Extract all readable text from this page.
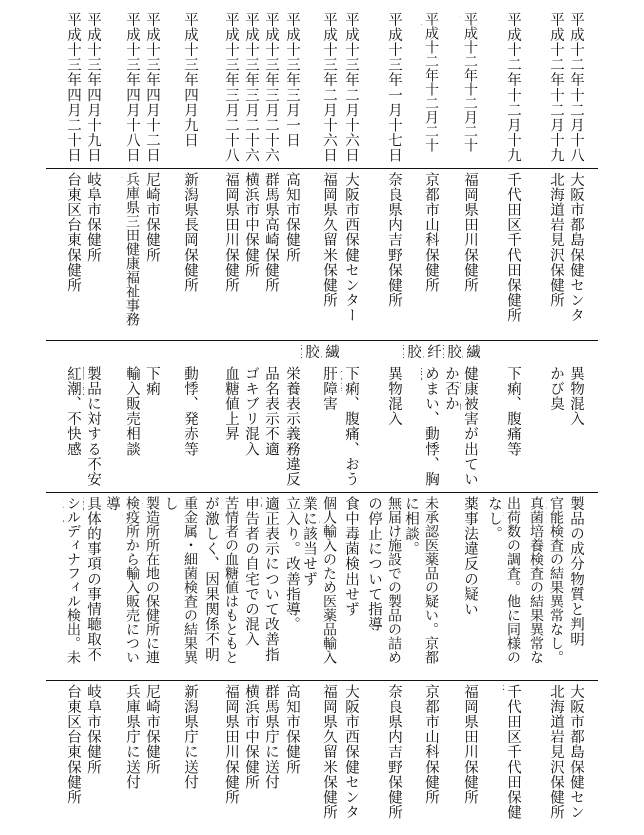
平成十二年十二月十八
大阪市都島保健センタ
異物混入
製品の成分物質と判明
大阪市都島保健セン
平成十二年十二月十九
北海道岩見沢保健所
かび臭
官能検査の結果異常なし。
北海道岩見沢保健所
真菌培養検査の結果異常な
平成十二年十二月十九
千代田区千代田保健所
下痢、腹痛等
出荷数の調査。他に同様の
千代田区千代田保健
なし。
平成十二年十二月二十
福岡県田川保健所
繊
健康被害が出てい
薬事法違反の疑い
福岡県田川保健所
胶
か否か
平成十二年十二月二十
京都市山科保健所
纤
めまい、動悸、胸
未承認医薬品の疑い。京都
京都市山科保健所
胶
に相談。
平成十三年一月十七日
奈良県内吉野保健所
異物混入
無届け施設での製品の詰め
奈良県内吉野保健所
の停止について指導
平成十三年二月十六日
大阪市西保健センター
下痢、腹痛、おう
食中毒菌検出せず
大阪市西保健センタ
平成十三年二月十六日
福岡県久留米保健所
繊
肝障害
個人輸入のため医薬品輸入
福岡県久留米保健所
胶
業に該当せず
平成十三年三月一日
高知市保健所
栄養表示義務違反
立入り。改善指導。
高知市保健所
平成十三年三月二十六
群馬県高崎保健所
品名表示不適
適正表示について改善指
群馬県庁に送付
平成十三年三月二十六
横浜市中保健所
ゴキブリ混入
申告者の自宅での混入
横浜市中保健所
平成十三年三月二十八
福岡県田川保健所
血糖値上昇
苦情者の血糖値はもともと
福岡県田川保健所
が激しく、因果関係不明
平成十三年四月九日
新潟県長岡保健所
動悸、発赤等
重金属・細菌検査の結果異
新潟県庁に送付
し
平成十三年四月十二日
尼崎市保健所
下痢
製造所所在地の保健所に連
尼崎市保健所
平成十三年四月十八日
兵庫県三田健康福祉事務
輸入販売相談
検疫所から輸入販売につい
兵庫県庁に送付
導
平成十三年四月十九日
岐阜市保健所
製品に対する不安
具体的事項の事情聴取不
岐阜市保健所
平成十三年四月二十日
台東区台東保健所
紅潮、不快感
シルディナフィル検出。未
台東区台東保健所
